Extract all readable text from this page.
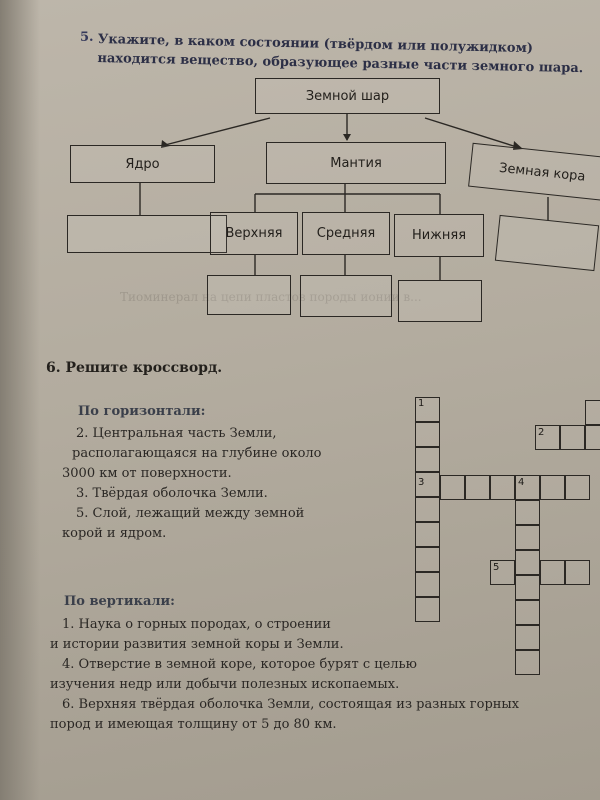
Тиоминерал на цепи пластов породы ионии в...
5. Укажите, в каком состоянии (твёрдом или полужидком) находится вещество, образующее разные части земного шара.
Земной шар
Ядро	Мантия	Земная кора
Верхняя	Средняя	Нижняя
6. Решите кроссворд.
По горизонтали:
2. Центральная часть Земли,
располагающаяся на глубине около
3000 км от поверхности.
3. Твёрдая оболочка Земли.
5. Слой, лежащий между земной
корой и ядром.
По вертикали:
1. Наука о горных породах, о строении
и истории развития земной коры и Земли.
4. Отверстие в земной коре, которое бурят с целью
изучения недр или добычи полезных ископаемых.
6. Верхняя твёрдая оболочка Земли, состоящая из разных горных
пород и имеющая толщину от 5 до 80 км.
1
2
3	4
5
